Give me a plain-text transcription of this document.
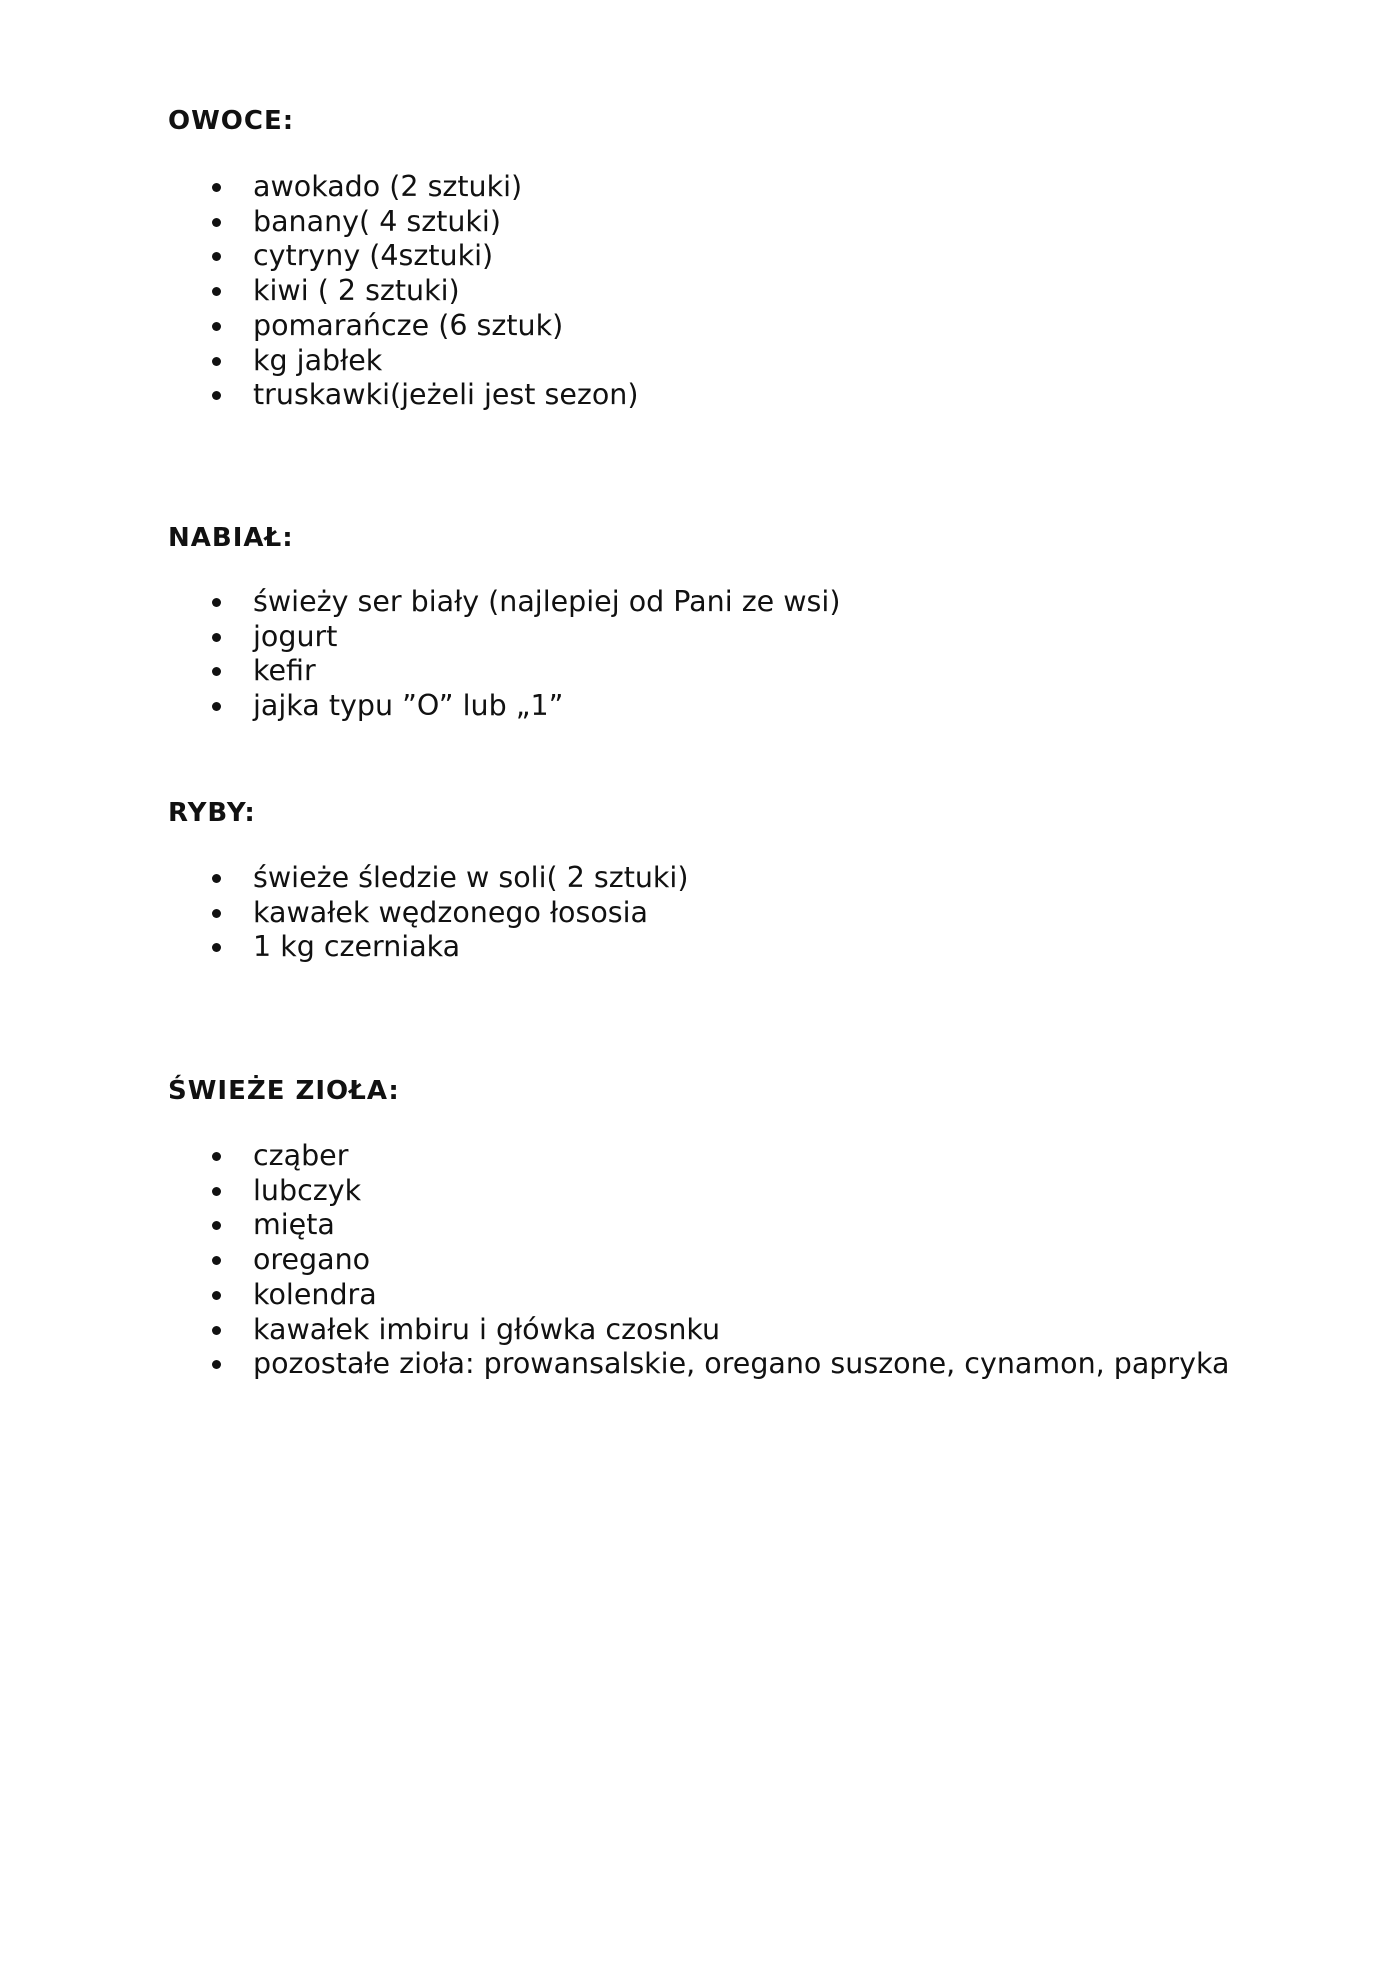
OWOCE:
awokado (2 sztuki)
banany( 4 sztuki)
cytryny (4sztuki)
kiwi ( 2 sztuki)
pomarańcze (6 sztuk)
kg jabłek
truskawki(jeżeli jest sezon)
NABIAŁ:
świeży ser biały (najlepiej od Pani ze wsi)
jogurt
kefir
jajka typu ”O” lub „1”
RYBY:
świeże śledzie w soli( 2 sztuki)
kawałek wędzonego łososia
1 kg czerniaka
ŚWIEŻE ZIOŁA:
cząber
lubczyk
mięta
oregano
kolendra
kawałek imbiru i główka czosnku
pozostałe zioła: prowansalskie, oregano suszone, cynamon, papryka
